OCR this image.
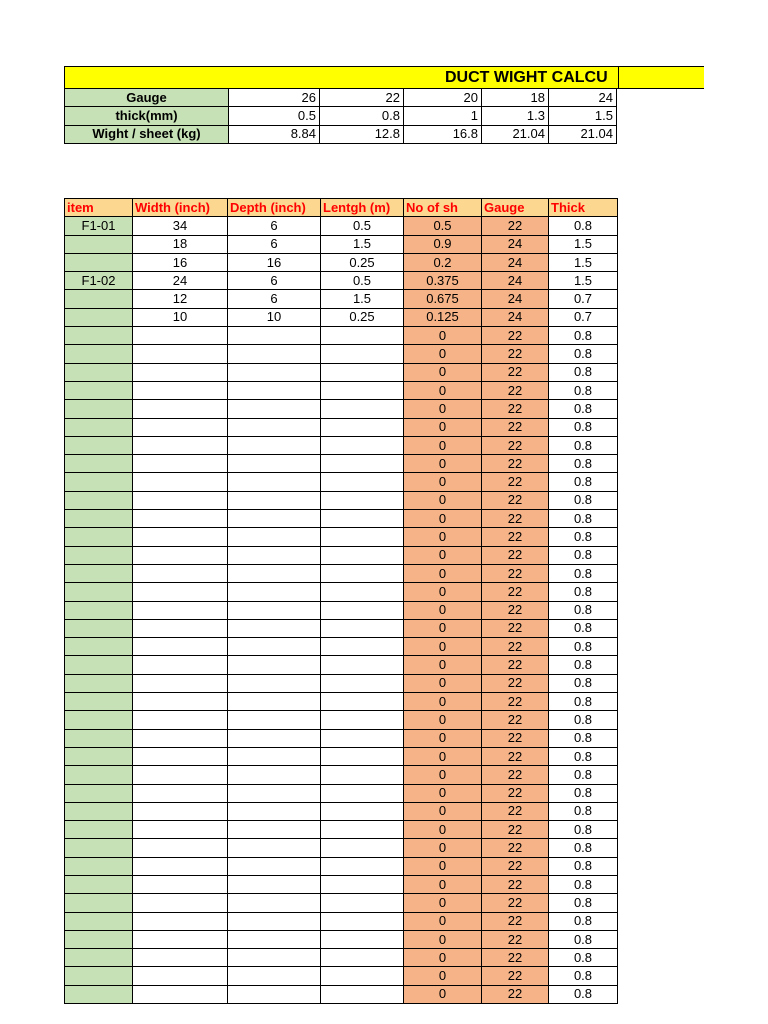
DUCT WIGHT CALCU
Gauge	26	22	20	18	24
thick(mm)	0.5	0.8	1	1.3	1.5
Wight / sheet (kg)	8.84	12.8	16.8	21.04	21.04
item	Width (inch)	Depth (inch)	Lentgh (m)	No of sh	Gauge	Thick
F1-01	34	6	0.5	0.5	22	0.8
	18	6	1.5	0.9	24	1.5
	16	16	0.25	0.2	24	1.5
F1-02	24	6	0.5	0.375	24	1.5
	12	6	1.5	0.675	24	0.7
	10	10	0.25	0.125	24	0.7
				0	22	0.8
				0	22	0.8
				0	22	0.8
				0	22	0.8
				0	22	0.8
				0	22	0.8
				0	22	0.8
				0	22	0.8
				0	22	0.8
				0	22	0.8
				0	22	0.8
				0	22	0.8
				0	22	0.8
				0	22	0.8
				0	22	0.8
				0	22	0.8
				0	22	0.8
				0	22	0.8
				0	22	0.8
				0	22	0.8
				0	22	0.8
				0	22	0.8
				0	22	0.8
				0	22	0.8
				0	22	0.8
				0	22	0.8
				0	22	0.8
				0	22	0.8
				0	22	0.8
				0	22	0.8
				0	22	0.8
				0	22	0.8
				0	22	0.8
				0	22	0.8
				0	22	0.8
				0	22	0.8
				0	22	0.8
